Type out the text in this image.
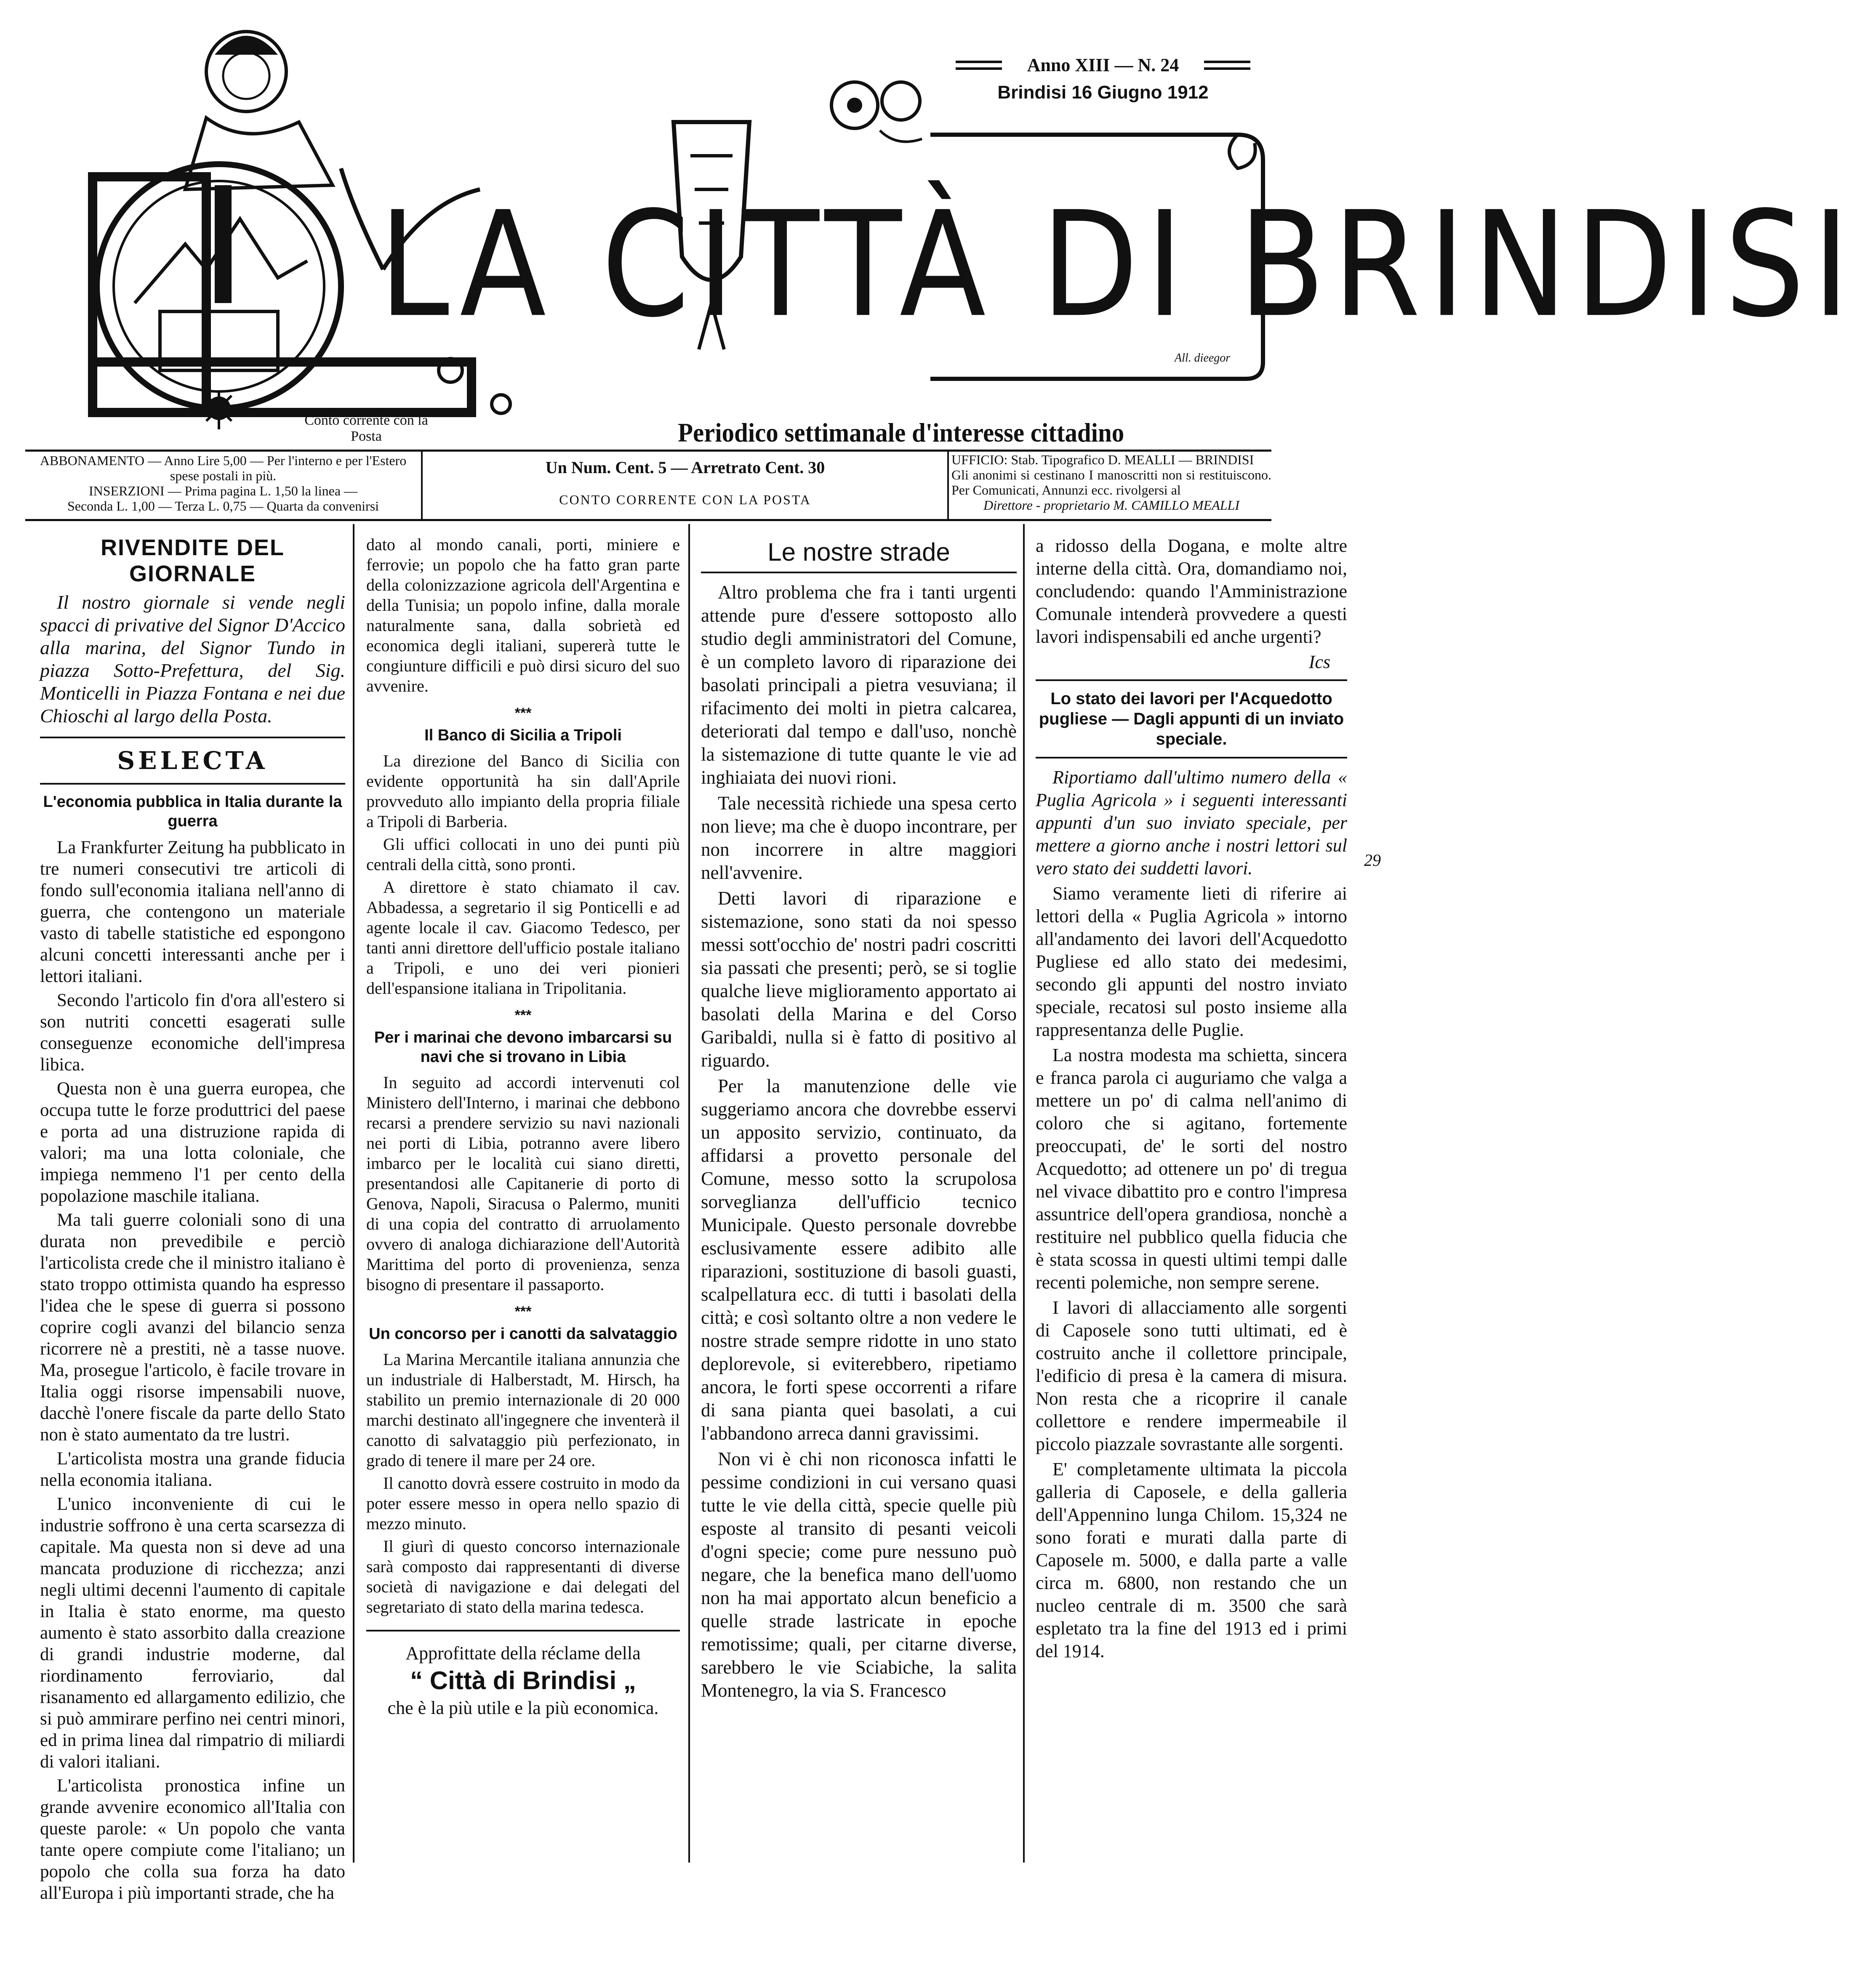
LA CITTÀ DI BRINDISI
Anno XIII — N. 24
Brindisi 16 Giugno 1912
All. dieegor
Conto corrente con la Posta	Periodico settimanale d'interesse cittadino
ABBONAMENTO — Anno Lire 5,00 — Per l'interno e per l'Estero spese postali in più.
INSERZIONI — Prima pagina L. 1,50 la linea —
Seconda L. 1,00 — Terza L. 0,75 — Quarta da convenirsi
Un Num. Cent. 5 — Arretrato Cent. 30
CONTO CORRENTE CON LA POSTA
UFFICIO: Stab. Tipografico D. MEALLI — BRINDISI
Gli anonimi si cestinano I manoscritti non si restituiscono. Per Comunicati, Annunzi ecc. rivolgersi al
Direttore - proprietario M. CAMILLO MEALLI
RIVENDITE DEL GIORNALE

Il nostro giornale si vende negli spacci di privative del Signor D'Accico alla marina, del Signor Tundo in piazza Sotto-Prefettura, del Sig. Monticelli in Piazza Fontana e nei due Chioschi al largo della Posta.

SELECTA
L'economia pubblica in Italia durante la guerra

La Frankfurter Zeitung ha pubblicato in tre numeri consecutivi tre articoli di fondo sull'economia italiana nell'anno di guerra, che contengono un materiale vasto di tabelle statistiche ed espongono alcuni concetti interessanti anche per i lettori italiani.

Secondo l'articolo fin d'ora all'estero si son nutriti concetti esagerati sulle conseguenze economiche dell'impresa libica.

Questa non è una guerra europea, che occupa tutte le forze produttrici del paese e porta ad una distruzione rapida di valori; ma una lotta coloniale, che impiega nemmeno l'1 per cento della popolazione maschile italiana.

Ma tali guerre coloniali sono di una durata non prevedibile e perciò l'articolista crede che il ministro italiano è stato troppo ottimista quando ha espresso l'idea che le spese di guerra si possono coprire cogli avanzi del bilancio senza ricorrere nè a prestiti, nè a tasse nuove. Ma, prosegue l'articolo, è facile trovare in Italia oggi risorse impensabili nuove, dacchè l'onere fiscale da parte dello Stato non è stato aumentato da tre lustri.

L'articolista mostra una grande fiducia nella economia italiana.

L'unico inconveniente di cui le industrie soffrono è una certa scarsezza di capitale. Ma questa non si deve ad una mancata produzione di ricchezza; anzi negli ultimi decenni l'aumento di capitale in Italia è stato enorme, ma questo aumento è stato assorbito dalla creazione di grandi industrie moderne, dal riordinamento ferroviario, dal risanamento ed allargamento edilizio, che si può ammirare perfino nei centri minori, ed in prima linea dal rimpatrio di miliardi di valori italiani.

L'articolista pronostica infine un grande avvenire economico all'Italia con queste parole: « Un popolo che vanta tante opere compiute come l'italiano; un popolo che colla sua forza ha dato all'Europa i più importanti strade, che ha

dato al mondo canali, porti, miniere e ferrovie; un popolo che ha fatto gran parte della colonizzazione agricola dell'Argentina e della Tunisia; un popolo infine, dalla morale naturalmente sana, dalla sobrietà ed economica degli italiani, supererà tutte le congiunture difficili e può dirsi sicuro del suo avvenire.

***
Il Banco di Sicilia a Tripoli

La direzione del Banco di Sicilia con evidente opportunità ha sin dall'Aprile provveduto allo impianto della propria filiale a Tripoli di Barberia.

Gli uffici collocati in uno dei punti più centrali della città, sono pronti.

A direttore è stato chiamato il cav. Abbadessa, a segretario il sig Ponticelli e ad agente locale il cav. Giacomo Tedesco, per tanti anni direttore dell'ufficio postale italiano a Tripoli, e uno dei veri pionieri dell'espansione italiana in Tripolitania.

***
Per i marinai che devono imbarcarsi su navi che si trovano in Libia

In seguito ad accordi intervenuti col Ministero dell'Interno, i marinai che debbono recarsi a prendere servizio su navi nazionali nei porti di Libia, potranno avere libero imbarco per le località cui siano diretti, presentandosi alle Capitanerie di porto di Genova, Napoli, Siracusa o Palermo, muniti di una copia del contratto di arruolamento ovvero di analoga dichiarazione dell'Autorità Marittima del porto di provenienza, senza bisogno di presentare il passaporto.

***
Un concorso per i canotti da salvataggio

La Marina Mercantile italiana annunzia che un industriale di Halberstadt, M. Hirsch, ha stabilito un premio internazionale di 20 000 marchi destinato all'ingegnere che inventerà il canotto di salvataggio più perfezionato, in grado di tenere il mare per 24 ore.

Il canotto dovrà essere costruito in modo da poter essere messo in opera nello spazio di mezzo minuto.

Il giurì di questo concorso internazionale sarà composto dai rappresentanti di diverse società di navigazione e dai delegati del segretariato di stato della marina tedesca.

Approfittate della réclame della
“ Città di Brindisi „
che è la più utile e la più economica.
Le nostre strade

Altro problema che fra i tanti urgenti attende pure d'essere sottoposto allo studio degli amministratori del Comune, è un completo lavoro di riparazione dei basolati principali a pietra vesuviana; il rifacimento dei molti in pietra calcarea, deteriorati dal tempo e dall'uso, nonchè la sistemazione di tutte quante le vie ad inghiaiata dei nuovi rioni.

Tale necessità richiede una spesa certo non lieve; ma che è duopo incontrare, per non incorrere in altre maggiori nell'avvenire.

Detti lavori di riparazione e sistemazione, sono stati da noi spesso messi sott'occhio de' nostri padri coscritti sia passati che presenti; però, se si toglie qualche lieve miglioramento apportato ai basolati della Marina e del Corso Garibaldi, nulla si è fatto di positivo al riguardo.

Per la manutenzione delle vie suggeriamo ancora che dovrebbe esservi un apposito servizio, continuato, da affidarsi a provetto personale del Comune, messo sotto la scrupolosa sorveglianza dell'ufficio tecnico Municipale. Questo personale dovrebbe esclusivamente essere adibito alle riparazioni, sostituzione di basoli guasti, scalpellatura ecc. di tutti i basolati della città; e così soltanto oltre a non vedere le nostre strade sempre ridotte in uno stato deplorevole, si eviterebbero, ripetiamo ancora, le forti spese occorrenti a rifare di sana pianta quei basolati, a cui l'abbandono arreca danni gravissimi.

Non vi è chi non riconosca infatti le pessime condizioni in cui versano quasi tutte le vie della città, specie quelle più esposte al transito di pesanti veicoli d'ogni specie; come pure nessuno può negare, che la benefica mano dell'uomo non ha mai apportato alcun beneficio a quelle strade lastricate in epoche remotissime; quali, per citarne diverse, sarebbero le vie Sciabiche, la salita Montenegro, la via S. Francesco

a ridosso della Dogana, e molte altre interne della città. Ora, domandiamo noi, concludendo: quando l'Amministrazione Comunale intenderà provvedere a questi lavori indispensabili ed anche urgenti?

Ics
Lo stato dei lavori per l'Acquedotto pugliese — Dagli appunti di un inviato speciale.

Riportiamo dall'ultimo numero della « Puglia Agricola » i seguenti interessanti appunti d'un suo inviato speciale, per mettere a giorno anche i nostri lettori sul vero stato dei suddetti lavori.

Siamo veramente lieti di riferire ai lettori della « Puglia Agricola » intorno all'andamento dei lavori dell'Acquedotto Pugliese ed allo stato dei medesimi, secondo gli appunti del nostro inviato speciale, recatosi sul posto insieme alla rappresentanza delle Puglie.

La nostra modesta ma schietta, sincera e franca parola ci auguriamo che valga a mettere un po' di calma nell'animo di coloro che si agitano, fortemente preoccupati, de' le sorti del nostro Acquedotto; ad ottenere un po' di tregua nel vivace dibattito pro e contro l'impresa assuntrice dell'opera grandiosa, nonchè a restituire nel pubblico quella fiducia che è stata scossa in questi ultimi tempi dalle recenti polemiche, non sempre serene.

I lavori di allacciamento alle sorgenti di Caposele sono tutti ultimati, ed è costruito anche il collettore principale, l'edificio di presa è la camera di misura. Non resta che a ricoprire il canale collettore e rendere impermeabile il piccolo piazzale sovrastante alle sorgenti.

E' completamente ultimata la piccola galleria di Caposele, e della galleria dell'Appennino lunga Chilom. 15,324 ne sono forati e murati dalla parte di Caposele m. 5000, e dalla parte a valle circa m. 6800, non restando che un nucleo centrale di m. 3500 che sarà espletato tra la fine del 1913 ed i primi del 1914.

29
